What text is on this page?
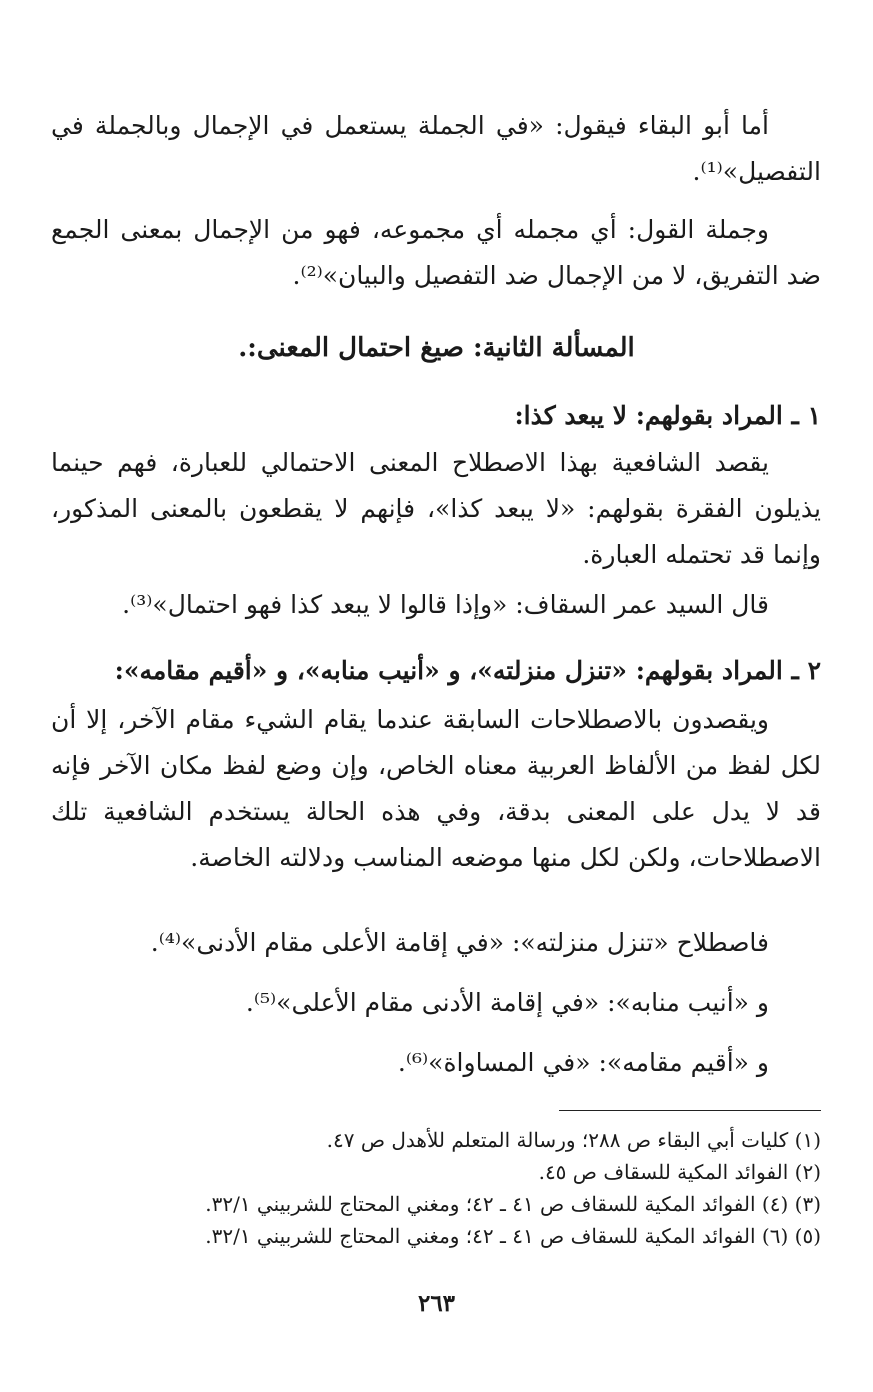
أما أبو البقاء فيقول: «في الجملة يستعمل في الإجمال وبالجملة في التفصيل»⁽¹⁾.
وجملة القول: أي مجمله أي مجموعه، فهو من الإجمال بمعنى الجمع ضد التفريق، لا من الإجمال ضد التفصيل والبيان»⁽²⁾.
المسألة الثانية: صيغ احتمال المعنى:.
١ ـ المراد بقولهم: لا يبعد كذا:
يقصد الشافعية بهذا الاصطلاح المعنى الاحتمالي للعبارة، فهم حينما يذيلون الفقرة بقولهم: «لا يبعد كذا»، فإنهم لا يقطعون بالمعنى المذكور، وإنما قد تحتمله العبارة.
قال السيد عمر السقاف: «وإذا قالوا لا يبعد كذا فهو احتمال»⁽³⁾.
٢ ـ المراد بقولهم: «تنزل منزلته»، و «أنيب منابه»، و «أقيم مقامه»:
ويقصدون بالاصطلاحات السابقة عندما يقام الشيء مقام الآخر، إلا أن لكل لفظ من الألفاظ العربية معناه الخاص، وإن وضع لفظ مكان الآخر فإنه قد لا يدل على المعنى بدقة، وفي هذه الحالة يستخدم الشافعية تلك الاصطلاحات، ولكن لكل منها موضعه المناسب ودلالته الخاصة.
فاصطلاح «تنزل منزلته»: «في إقامة الأعلى مقام الأدنى»⁽⁴⁾.
و «أنيب منابه»: «في إقامة الأدنى مقام الأعلى»⁽⁵⁾.
و «أقيم مقامه»: «في المساواة»⁽⁶⁾.
(١) كليات أبي البقاء ص ٢٨٨؛ ورسالة المتعلم للأهدل ص ٤٧.
(٢) الفوائد المكية للسقاف ص ٤٥.
(٣) (٤) الفوائد المكية للسقاف ص ٤١ ـ ٤٢؛ ومغني المحتاج للشربيني ٣٢/١.
(٥) (٦) الفوائد المكية للسقاف ص ٤١ ـ ٤٢؛ ومغني المحتاج للشربيني ٣٢/١.
٢٦٣
